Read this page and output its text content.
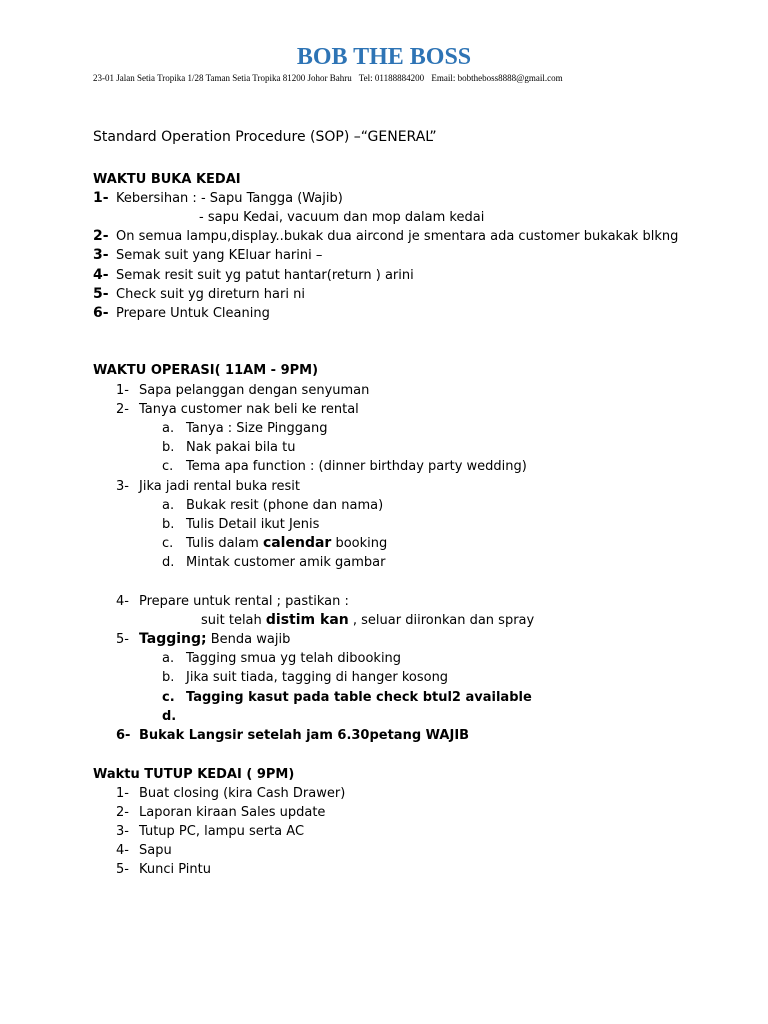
BOB THE BOSS
23-01 Jalan Setia Tropika 1/28 Taman Setia Tropika 81200 Johor Bahru Tel: 01188884200 Email: bobtheboss8888@gmail.com
Standard Operation Procedure (SOP) –“GENERAL”
WAKTU BUKA KEDAI
1- Kebersihan : - Sapu Tangga (Wajib)
- sapu Kedai, vacuum dan mop dalam kedai
2- On semua lampu,display..bukak dua aircond je smentara ada customer bukakak blkng
3- Semak suit yang KEluar harini –
4- Semak resit suit yg patut hantar(return ) arini
5- Check suit yg direturn hari ni
6- Prepare Untuk Cleaning
WAKTU OPERASI( 11AM - 9PM)
1- Sapa pelanggan dengan senyuman
2- Tanya customer nak beli ke rental
a. Tanya : Size Pinggang
b. Nak pakai bila tu
c. Tema apa function : (dinner birthday party wedding)
3- Jika jadi rental buka resit
a. Bukak resit (phone dan nama)
b. Tulis Detail ikut Jenis
c. Tulis dalam calendar booking
d. Mintak customer amik gambar
4- Prepare untuk rental ; pastikan :
suit telah distim kan , seluar diironkan dan spray
5- Tagging; Benda wajib
a. Tagging smua yg telah dibooking
b. Jika suit tiada, tagging di hanger kosong
c. Tagging kasut pada table check btul2 available
d.
6- Bukak Langsir setelah jam 6.30petang WAJIB
Waktu TUTUP KEDAI ( 9PM)
1- Buat closing (kira Cash Drawer)
2- Laporan kiraan Sales update
3- Tutup PC, lampu serta AC
4- Sapu
5- Kunci Pintu
